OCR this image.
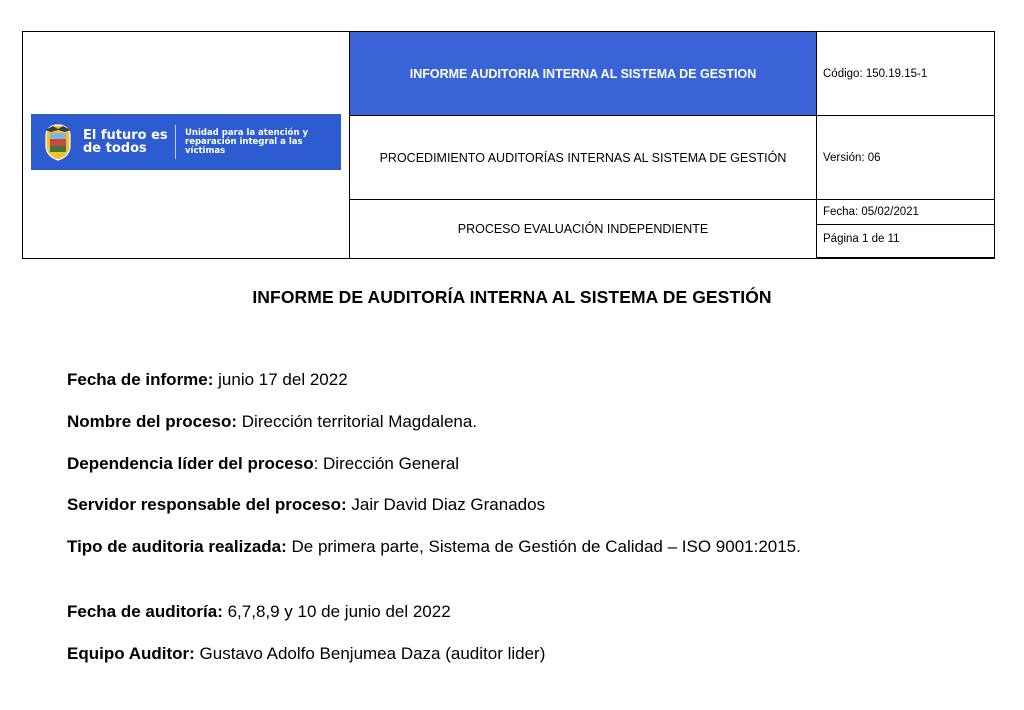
El futuro es de todos
Unidad para la atención y reparación integral a las víctimas	INFORME AUDITORIA INTERNA AL SISTEMA DE GESTION	Código: 150.19.15-1
	PROCEDIMIENTO AUDITORÍAS INTERNAS AL SISTEMA DE GESTIÓN	Versión: 06
	PROCESO EVALUACIÓN INDEPENDIENTE	Fecha: 05/02/2021
Página 1 de 11
INFORME DE AUDITORÍA INTERNA AL SISTEMA DE GESTIÓN

Fecha de informe: junio 17 del 2022

Nombre del proceso: Dirección territorial Magdalena.

Dependencia líder del proceso: Dirección General

Servidor responsable del proceso: Jair David Diaz Granados

Tipo de auditoria realizada: De primera parte, Sistema de Gestión de Calidad – ISO 9001:2015.

Fecha de auditoría: 6,7,8,9 y 10 de junio del 2022

Equipo Auditor: Gustavo Adolfo Benjumea Daza (auditor lider)
